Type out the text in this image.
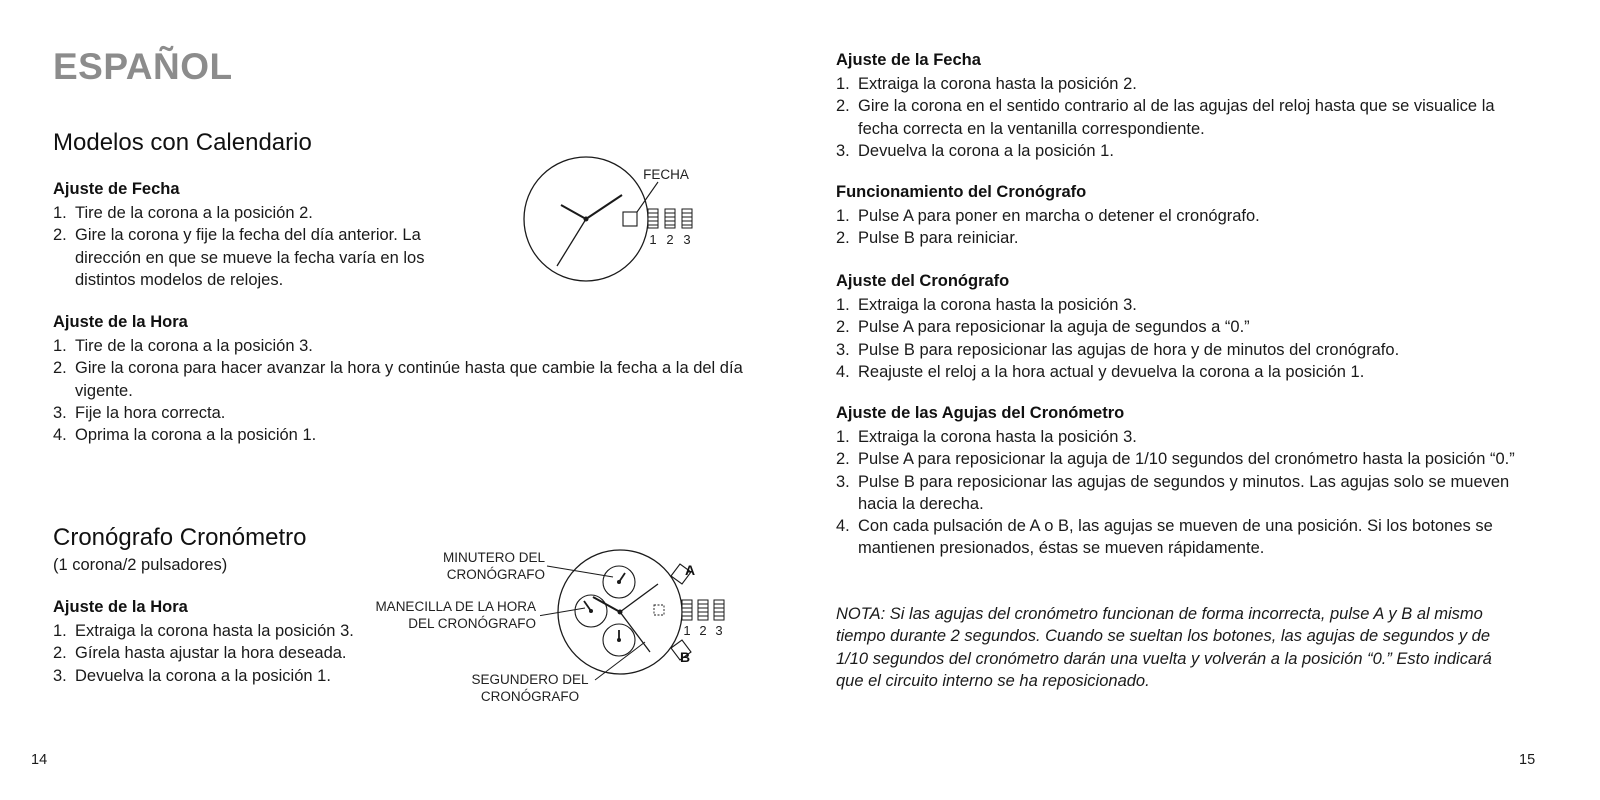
ESPAÑOL
Modelos con Calendario
Ajuste de Fecha
1. Tire de la corona a la posición 2.
2. Gire la corona y fije la fecha del día anterior. La dirección en que se mueve la fecha varía en los distintos modelos de relojes.
Ajuste de la Hora
1. Tire de la corona a la posición 3.
2. Gire la corona para hacer avanzar la hora y continúe hasta que cambie la fecha a la del día vigente.
3. Fije la hora correcta.
4. Oprima la corona a la posición 1.
FECHA
1 2 3
Cronógrafo Cronómetro
(1 corona/2 pulsadores)
Ajuste de la Hora
1. Extraiga la corona hasta la posición 3.
2. Gírela hasta ajustar la hora deseada.
3. Devuelva la corona a la posición 1.
MINUTERO DEL
CRONÓGRAFO
MANECILLA DE LA HORA
DEL CRONÓGRAFO
SEGUNDERO DEL
CRONÓGRAFO
A
B
1 2 3
14
Ajuste de la Fecha
1. Extraiga la corona hasta la posición 2.
2. Gire la corona en el sentido contrario al de las agujas del reloj hasta que se visualice la fecha correcta en la ventanilla correspondiente.
3. Devuelva la corona a la posición 1.
Funcionamiento del Cronógrafo
1. Pulse A para poner en marcha o detener el cronógrafo.
2. Pulse B para reiniciar.
Ajuste del Cronógrafo
1. Extraiga la corona hasta la posición 3.
2. Pulse A para reposicionar la aguja de segundos a “0.”
3. Pulse B para reposicionar las agujas de hora y de minutos del cronógrafo.
4. Reajuste el reloj a la hora actual y devuelva la corona a la posición 1.
Ajuste de las Agujas del Cronómetro
1. Extraiga la corona hasta la posición 3.
2. Pulse A para reposicionar la aguja de 1/10 segundos del cronómetro hasta la posición “0.”
3. Pulse B para reposicionar las agujas de segundos y minutos. Las agujas solo se mueven hacia la derecha.
4. Con cada pulsación de A o B, las agujas se mueven de una posición. Si los botones se mantienen presionados, éstas se mueven rápidamente.
NOTA: Si las agujas del cronómetro funcionan de forma incorrecta, pulse A y B al mismo tiempo durante 2 segundos. Cuando se sueltan los botones, las agujas de segundos y de 1/10 segundos del cronómetro darán una vuelta y volverán a la posición “0.” Esto indicará que el circuito interno se ha reposicionado.
15
